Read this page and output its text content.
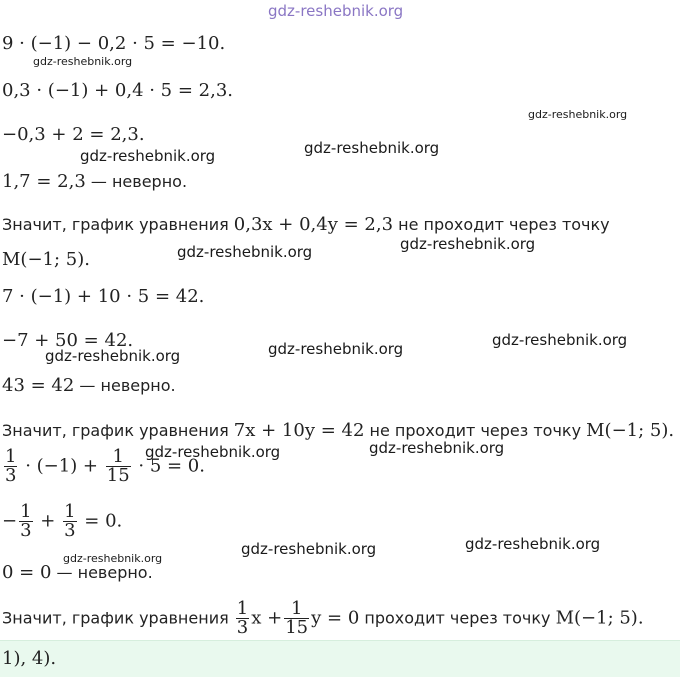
gdz-reshebnik.org
9 · (−1) − 0,2 · 5 = −10.
gdz-reshebnik.org
0,3 · (−1) + 0,4 · 5 = 2,3.
gdz-reshebnik.org
−0,3 + 2 = 2,3.
gdz-reshebnik.org	gdz-reshebnik.org
1,7 = 2,3 — неверно.
Значит, график уравнения 0,3x + 0,4y = 2,3 не проходит через точку
gdz-reshebnik.org
M(−1; 5).	gdz-reshebnik.org
7 · (−1) + 10 · 5 = 42.
−7 + 50 = 42.
gdz-reshebnik.org	gdz-reshebnik.org	gdz-reshebnik.org
43 = 42 — неверно.
Значит, график уравнения 7x + 10y = 42 не проходит через точку M(−1; 5).
gdz-reshebnik.org	gdz-reshebnik.org
$\frac{1}{3} \cdot (-1) + \frac{1}{15} \cdot 5 = 0$.
− $\frac{1}{3} + \frac{1}{3} = 0$.
gdz-reshebnik.org
gdz-reshebnik.org	gdz-reshebnik.org
0 = 0 — неверно.
Значит, график уравнения $\frac{1}{3}$ $x + \frac{1}{15}$ y = 0 проходит через точку M(−1; 5).
1), 4).
